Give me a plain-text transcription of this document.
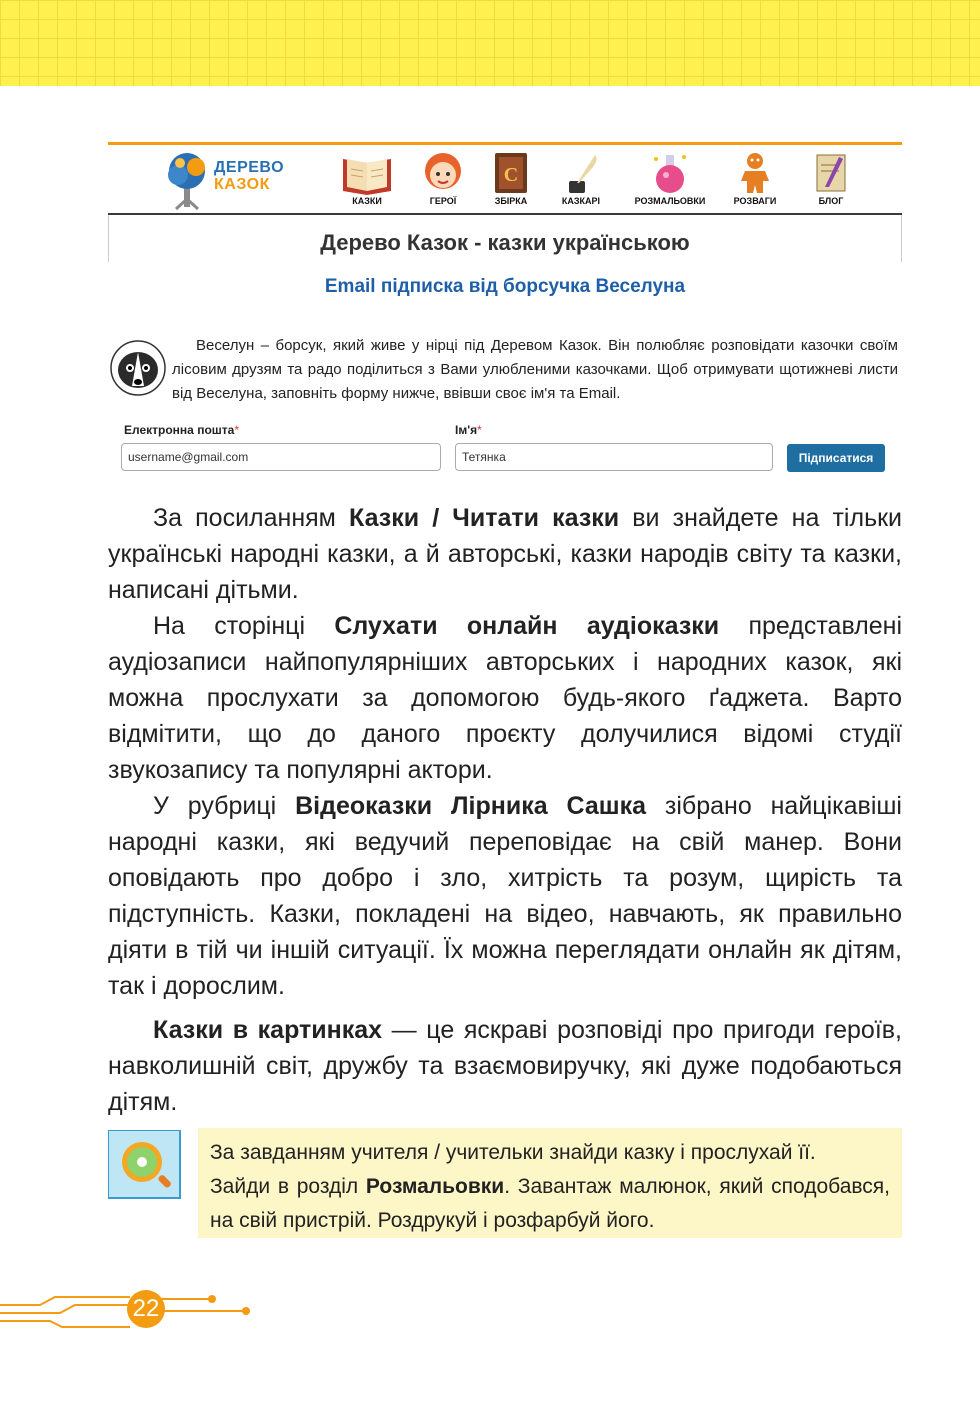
ДЕРЕВО
КАЗОК
КАЗКИ	ГЕРОЇ
С
ЗБІРКА	КАЗКАРІ	РОЗМАЛЬОВКИ	РОЗВАГИ	БЛОГ
Дерево Казок - казки українською
Email підписка від борсучка Веселуна
Веселун – борсук, який живе у нірці під Деревом Казок. Він полюбляє розповідати казочки своїм лісовим друзям та радо поділиться з Вами улюбленими казочками. Щоб отримувати щотижневі листи від Веселуна, заповніть форму нижче, ввівши своє ім'я та Email.
Електронна пошта*	Ім'я*
username@gmail.com	Тетянка	Підписатися

За посиланням Казки / Читати казки ви знайдете на тільки українські народні казки, а й авторські, казки народів світу та казки, написані дітьми.

На сторінці Слухати онлайн аудіоказки представлені аудіозаписи найпопулярніших авторських і народних казок, які можна прослухати за допомогою будь-якого ґаджета. Варто відмітити, що до даного проєкту долучилися відомі студії звукозапису та популярні актори.

У рубриці Відеоказки Лірника Сашка зібрано найцікавіші народні казки, які ведучий переповідає на свій манер. Вони оповідають про добро і зло, хитрість та розум, щирість та підступність. Казки, покладені на відео, навчають, як правильно діяти в тій чи іншій ситуації. Їх можна переглядати онлайн як дітям, так і дорослим.

Казки в картинках — це яскраві розповіді про пригоди героїв, навколишній світ, дружбу та взаємовиручку, які дуже подобаються дітям.

За завданням учителя / учительки знайди казку і прослухай її.

Зайди в розділ Розмальовки. Завантаж малюнок, який сподобався, на свій пристрій. Роздрукуй і розфарбуй його.

22
